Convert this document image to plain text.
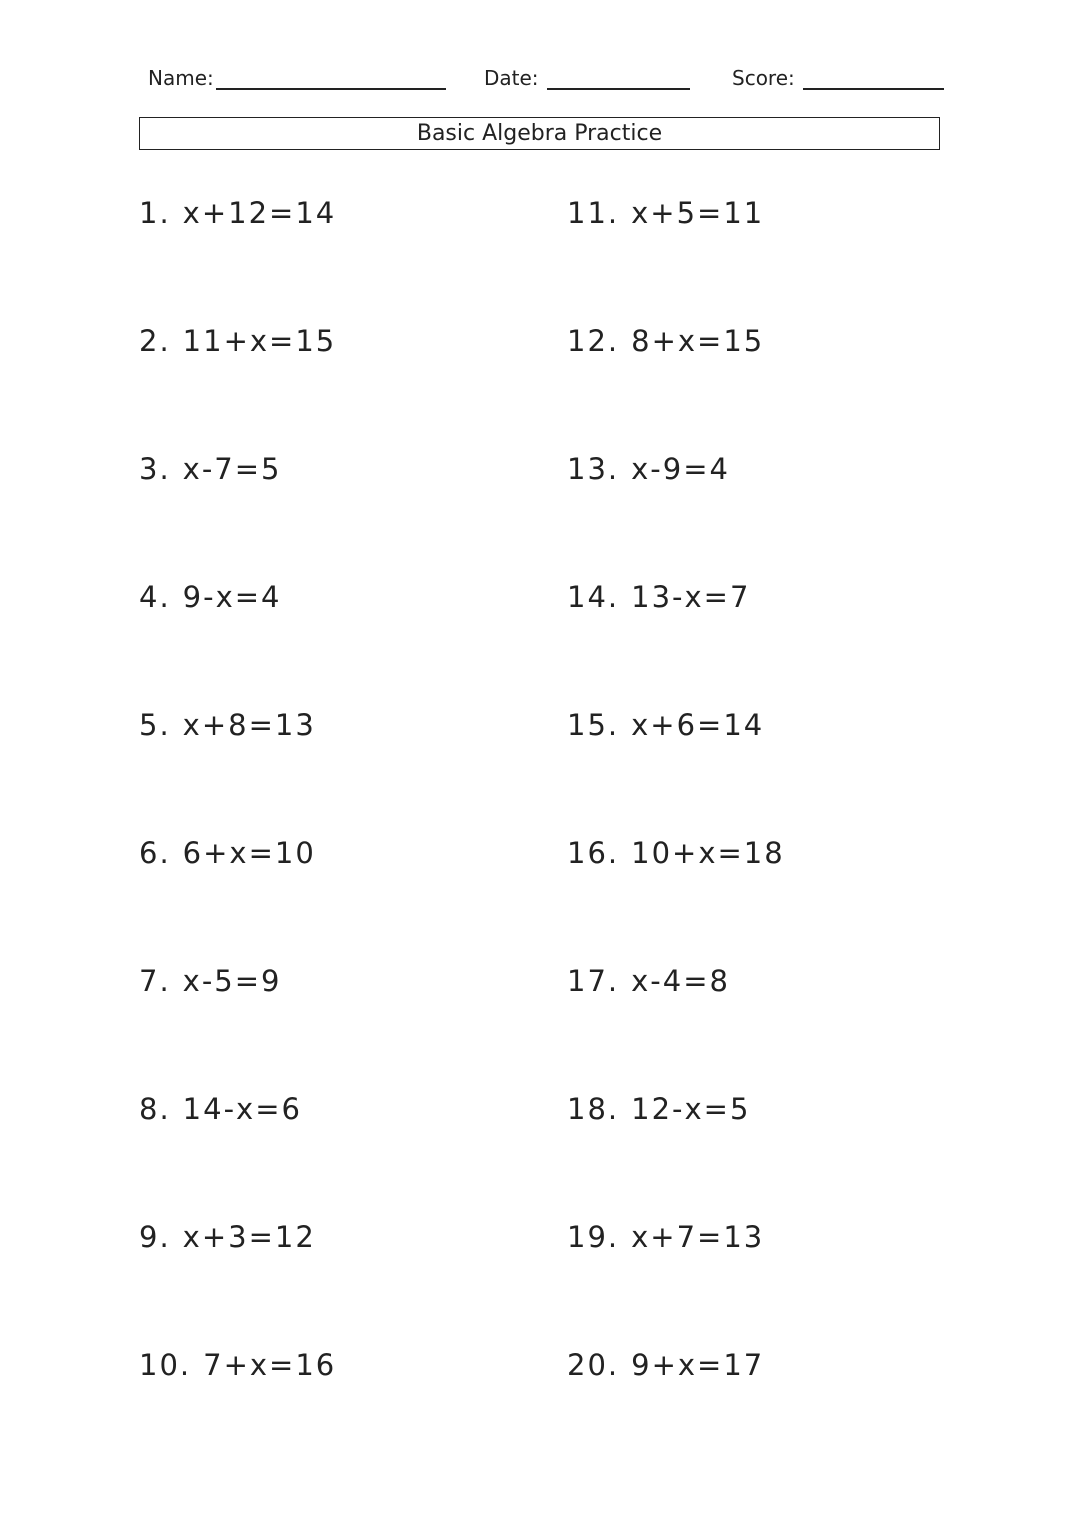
Name:	Date:	Score:
Basic Algebra Practice
1. x+12=14
2. 11+x=15
3. x-7=5
4. 9-x=4
5. x+8=13
6. 6+x=10
7. x-5=9
8. 14-x=6
9. x+3=12
10. 7+x=16
11. x+5=11
12. 8+x=15
13. x-9=4
14. 13-x=7
15. x+6=14
16. 10+x=18
17. x-4=8
18. 12-x=5
19. x+7=13
20. 9+x=17
